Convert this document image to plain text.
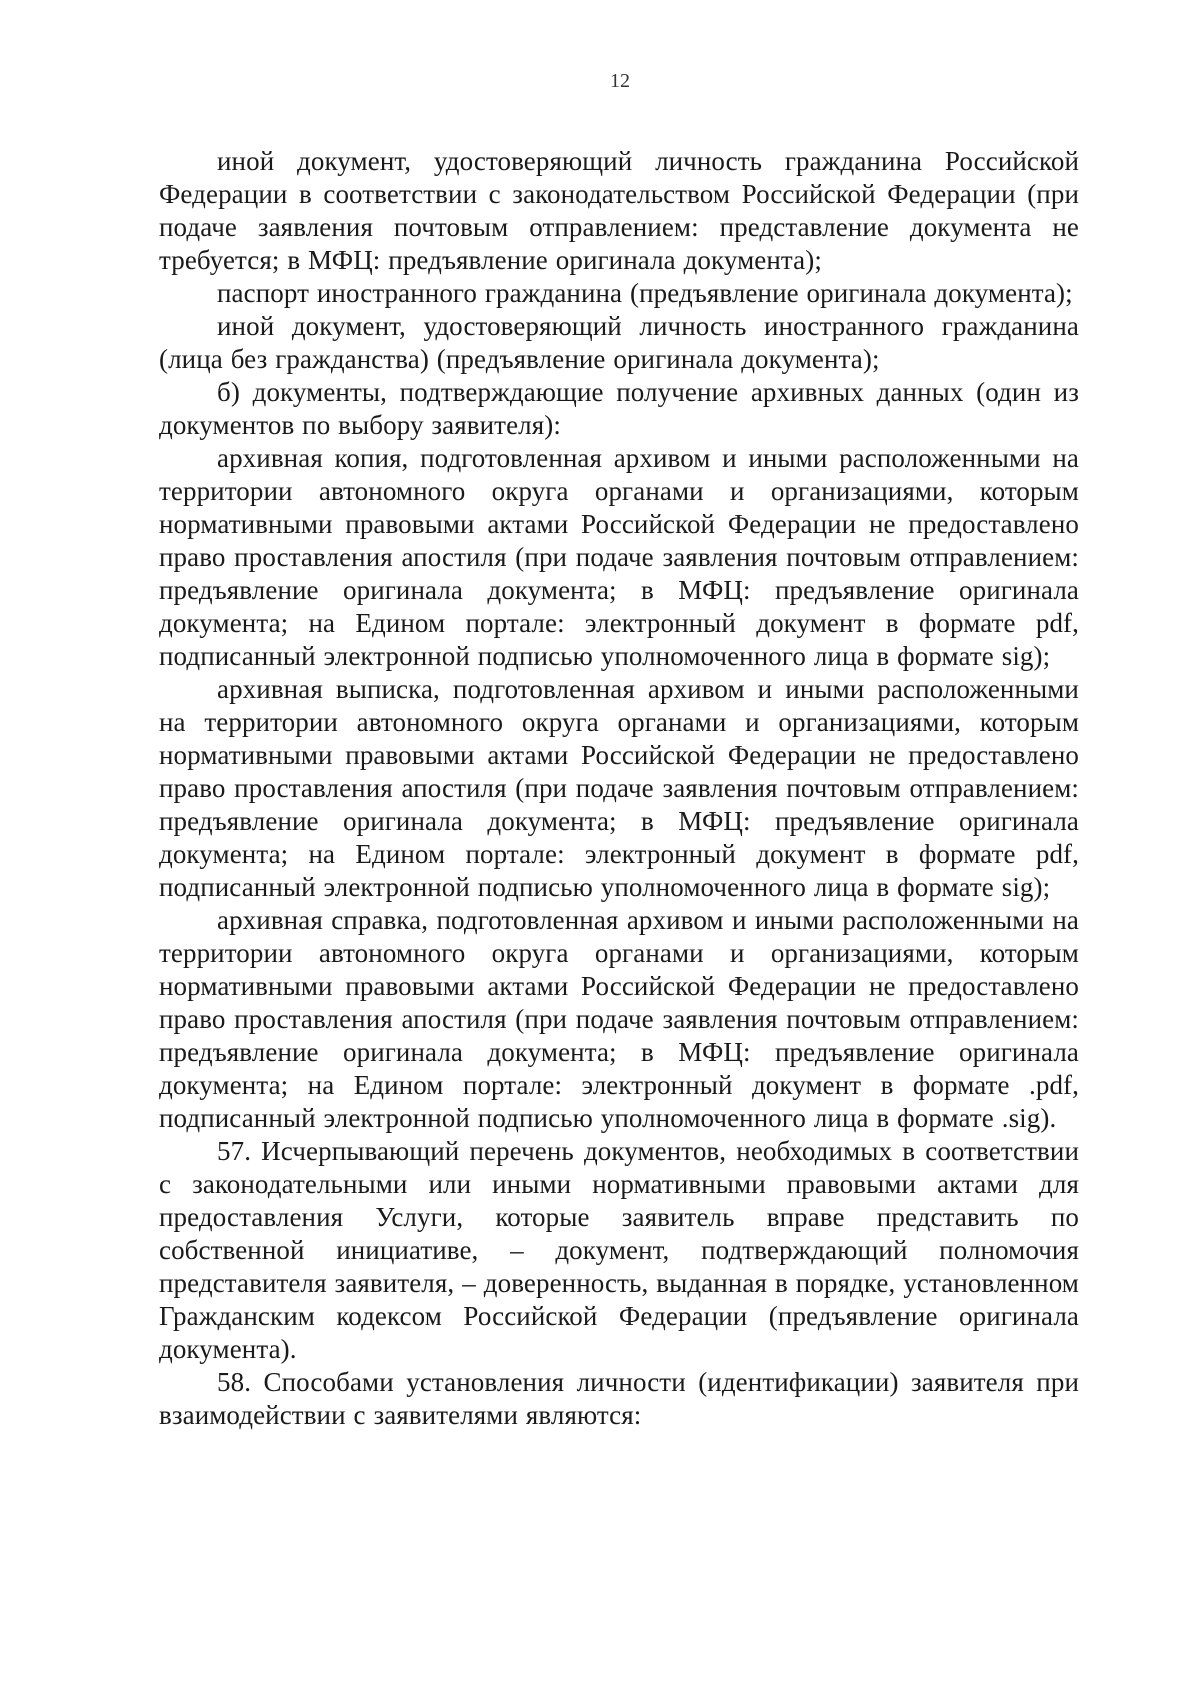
12

иной документ, удостоверяющий личность гражданина Российской Федерации в соответствии с законодательством Российской Федерации (при подаче заявления почтовым отправлением: представление документа не требуется; в МФЦ: предъявление оригинала документа);

паспорт иностранного гражданина (предъявление оригинала документа);

иной документ, удостоверяющий личность иностранного гражданина (лица без гражданства) (предъявление оригинала документа);

б) документы, подтверждающие получение архивных данных (один из документов по выбору заявителя):

архивная копия, подготовленная архивом и иными расположенными на территории автономного округа органами и организациями, которым нормативными правовыми актами Российской Федерации не предоставлено право проставления апостиля (при подаче заявления почтовым отправлением: предъявление оригинала документа; в МФЦ: предъявление оригинала документа; на Едином портале: электронный документ в формате pdf, подписанный электронной подписью уполномоченного лица в формате sig);

архивная выписка, подготовленная архивом и иными расположенными на территории автономного округа органами и организациями, которым нормативными правовыми актами Российской Федерации не предоставлено право проставления апостиля (при подаче заявления почтовым отправлением: предъявление оригинала документа; в МФЦ: предъявление оригинала документа; на Едином портале: электронный документ в формате pdf, подписанный электронной подписью уполномоченного лица в формате sig);

архивная справка, подготовленная архивом и иными расположенными на территории автономного округа органами и организациями, которым нормативными правовыми актами Российской Федерации не предоставлено право проставления апостиля (при подаче заявления почтовым отправлением: предъявление оригинала документа; в МФЦ: предъявление оригинала документа; на Едином портале: электронный документ в формате .pdf, подписанный электронной подписью уполномоченного лица в формате .sig).

57. Исчерпывающий перечень документов, необходимых в соответствии с законодательными или иными нормативными правовыми актами для предоставления Услуги, которые заявитель вправе представить по собственной инициативе, – документ, подтверждающий полномочия представителя заявителя, – доверенность, выданная в порядке, установленном Гражданским кодексом Российской Федерации (предъявление оригинала документа).

58. Способами установления личности (идентификации) заявителя при взаимодействии с заявителями являются:
